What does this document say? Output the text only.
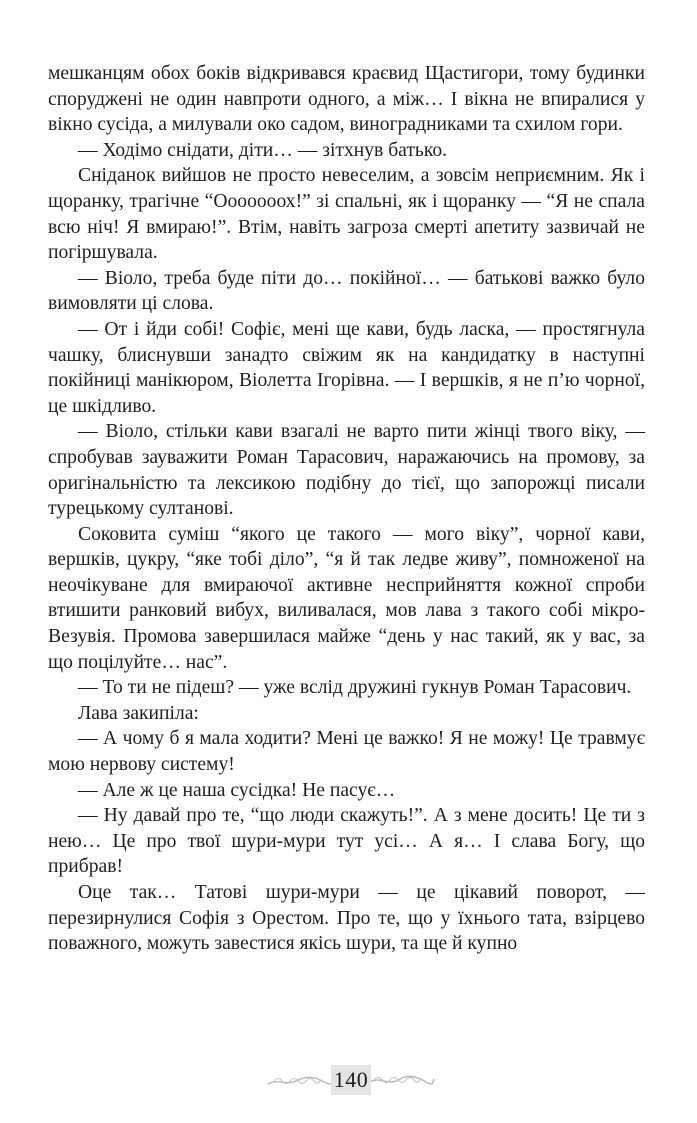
мешканцям обох боків відкривався краєвид Щастигори, тому будинки споруджені не один навпроти одного, а між… І вікна не впиралися у вікно сусіда, а милували око садом, виноградниками та схилом гори.

— Ходімо снідати, діти… — зітхнув батько.

Сніданок вийшов не просто невеселим, а зовсім неприємним. Як і щоранку, трагічне “Ооооооох!” зі спальні, як і щоранку — “Я не спала всю ніч! Я вмираю!”. Втім, навіть загроза смерті апетиту зазвичай не погіршувала.

— Віоло, треба буде піти до… покійної… — батькові важко було вимовляти ці слова.

— От і йди собі! Софіє, мені ще кави, будь ласка, — простягнула чашку, блиснувши занадто свіжим як на кандидатку в наступні покійниці манікюром, Віолетта Ігорівна. — І вершків, я не п’ю чорної, це шкідливо.

— Віоло, стільки кави взагалі не варто пити жінці твого віку, — спробував зауважити Роман Тарасович, наражаючись на промову, за оригінальністю та лексикою подібну до тієї, що запорожці писали турецькому султанові.

Соковита суміш “якого це такого — мого віку”, чорної кави, вершків, цукру, “яке тобі діло”, “я й так ледве живу”, помноженої на неочікуване для вмираючої активне несприйняття кожної спроби втишити ранковий вибух, виливалася, мов лава з такого собі мікро-Везувія. Промова завершилася майже “день у нас такий, як у вас, за що поцілуйте… нас”.

— То ти не підеш? — уже вслід дружині гукнув Роман Тарасович.

Лава закипіла:

— А чому б я мала ходити? Мені це важко! Я не можу! Це травмує мою нервову систему!

— Але ж це наша сусідка! Не пасує…

— Ну давай про те, “що люди скажуть!”. А з мене досить! Це ти з нею… Це про твої шури-мури тут усі… А я… І слава Богу, що прибрав!

Оце так… Татові шури-мури — це цікавий поворот, — перезирнулися Софія з Орестом. Про те, що у їхнього тата, взірцево поважного, можуть завестися якісь шури, та ще й купно

140
